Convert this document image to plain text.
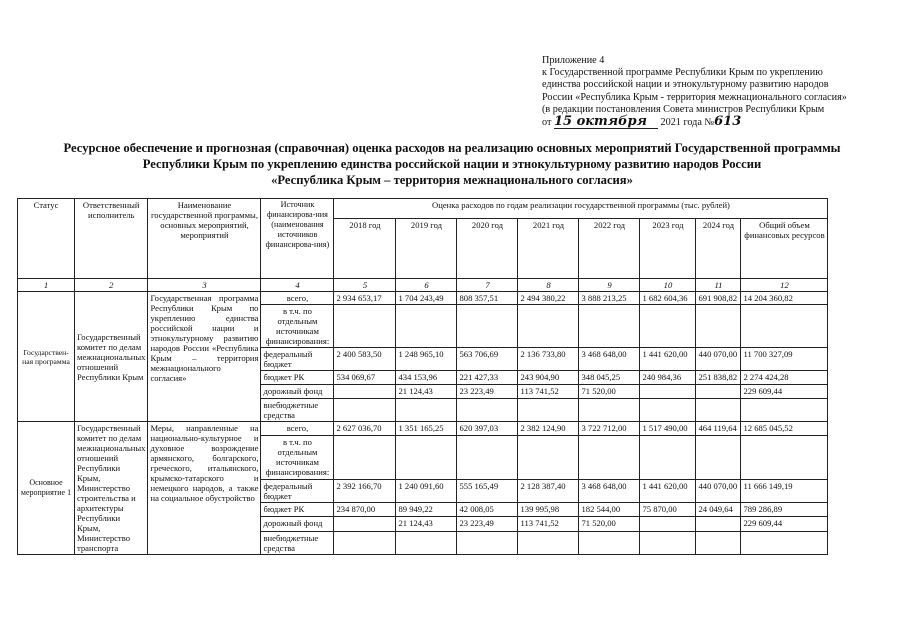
Приложение 4
к Государственной программе Республики Крым по укреплению
единства российской нации и этнокультурному развитию народов
России «Республика Крым - территория межнационального согласия»
(в редакции постановления Совета министров Республики Крым
от 15 октября 2021 года №613
Ресурсное обеспечение и прогнозная (справочная) оценка расходов на реализацию основных мероприятий Государственной программы
Республики Крым по укреплению единства российской нации и этнокультурному развитию народов России
«Республика Крым – территория межнационального согласия»
Статус	Ответственный исполнитель	Наименование государственной программы, основных мероприятий, мероприятий	Источник финансирова-ния (наименования источников финансирова-ния)	Оценка расходов по годам реализации государственной программы (тыс. рублей)							
				2018 год	2019 год	2020 год	2021 год	2022 год	2023 год	2024 год	Общий объем финансовых ресурсов
1	2	3	4	5	6	7	8	9	10	11	12
Государствен-ная программа	Государственный комитет по делам межнациональных отношений Республики Крым	Государственная программа Республики Крым по укреплению единства российской нации и этнокультурному развитию народов России «Республика Крым – территория межнационального согласия»	всего,	2 934 653,17	1 704 243,49	808 357,51	2 494 380,22	3 888 213,25	1 682 604,36	691 908,82	14 204 360,82
			в т.ч. по отдельным источникам финансирования:								
			федеральный бюджет	2 400 583,50	1 248 965,10	563 706,69	2 136 733,80	3 468 648,00	1 441 620,00	440 070,00	11 700 327,09
			бюджет РК	534 069,67	434 153,96	221 427,33	243 904,90	348 045,25	240 984,36	251 838,82	2 274 424,28
			дорожный фонд		21 124,43	23 223,49	113 741,52	71 520,00			229 609,44
			внебюджетные средства								
Основное мероприятие 1	Государственный комитет по делам межнациональных отношений Республики Крым, Министерство строительства и архитектуры Республики Крым, Министерство транспорта	Меры, направленные на национально-культурное и духовное возрождение армянского, болгарского, греческого, итальянского, крымско-татарского и немецкого народов, а также на социальное обустройство	всего,	2 627 036,70	1 351 165,25	620 397,03	2 382 124,90	3 722 712,00	1 517 490,00	464 119,64	12 685 045,52
			в т.ч. по отдельным источникам финансирования:								
			федеральный бюджет	2 392 166,70	1 240 091,60	555 165,49	2 128 387,40	3 468 648,00	1 441 620,00	440 070,00	11 666 149,19
			бюджет РК	234 870,00	89 949,22	42 008,05	139 995,98	182 544,00	75 870,00	24 049,64	789 286,89
			дорожный фонд		21 124,43	23 223,49	113 741,52	71 520,00			229 609,44
			внебюджетные средства								
